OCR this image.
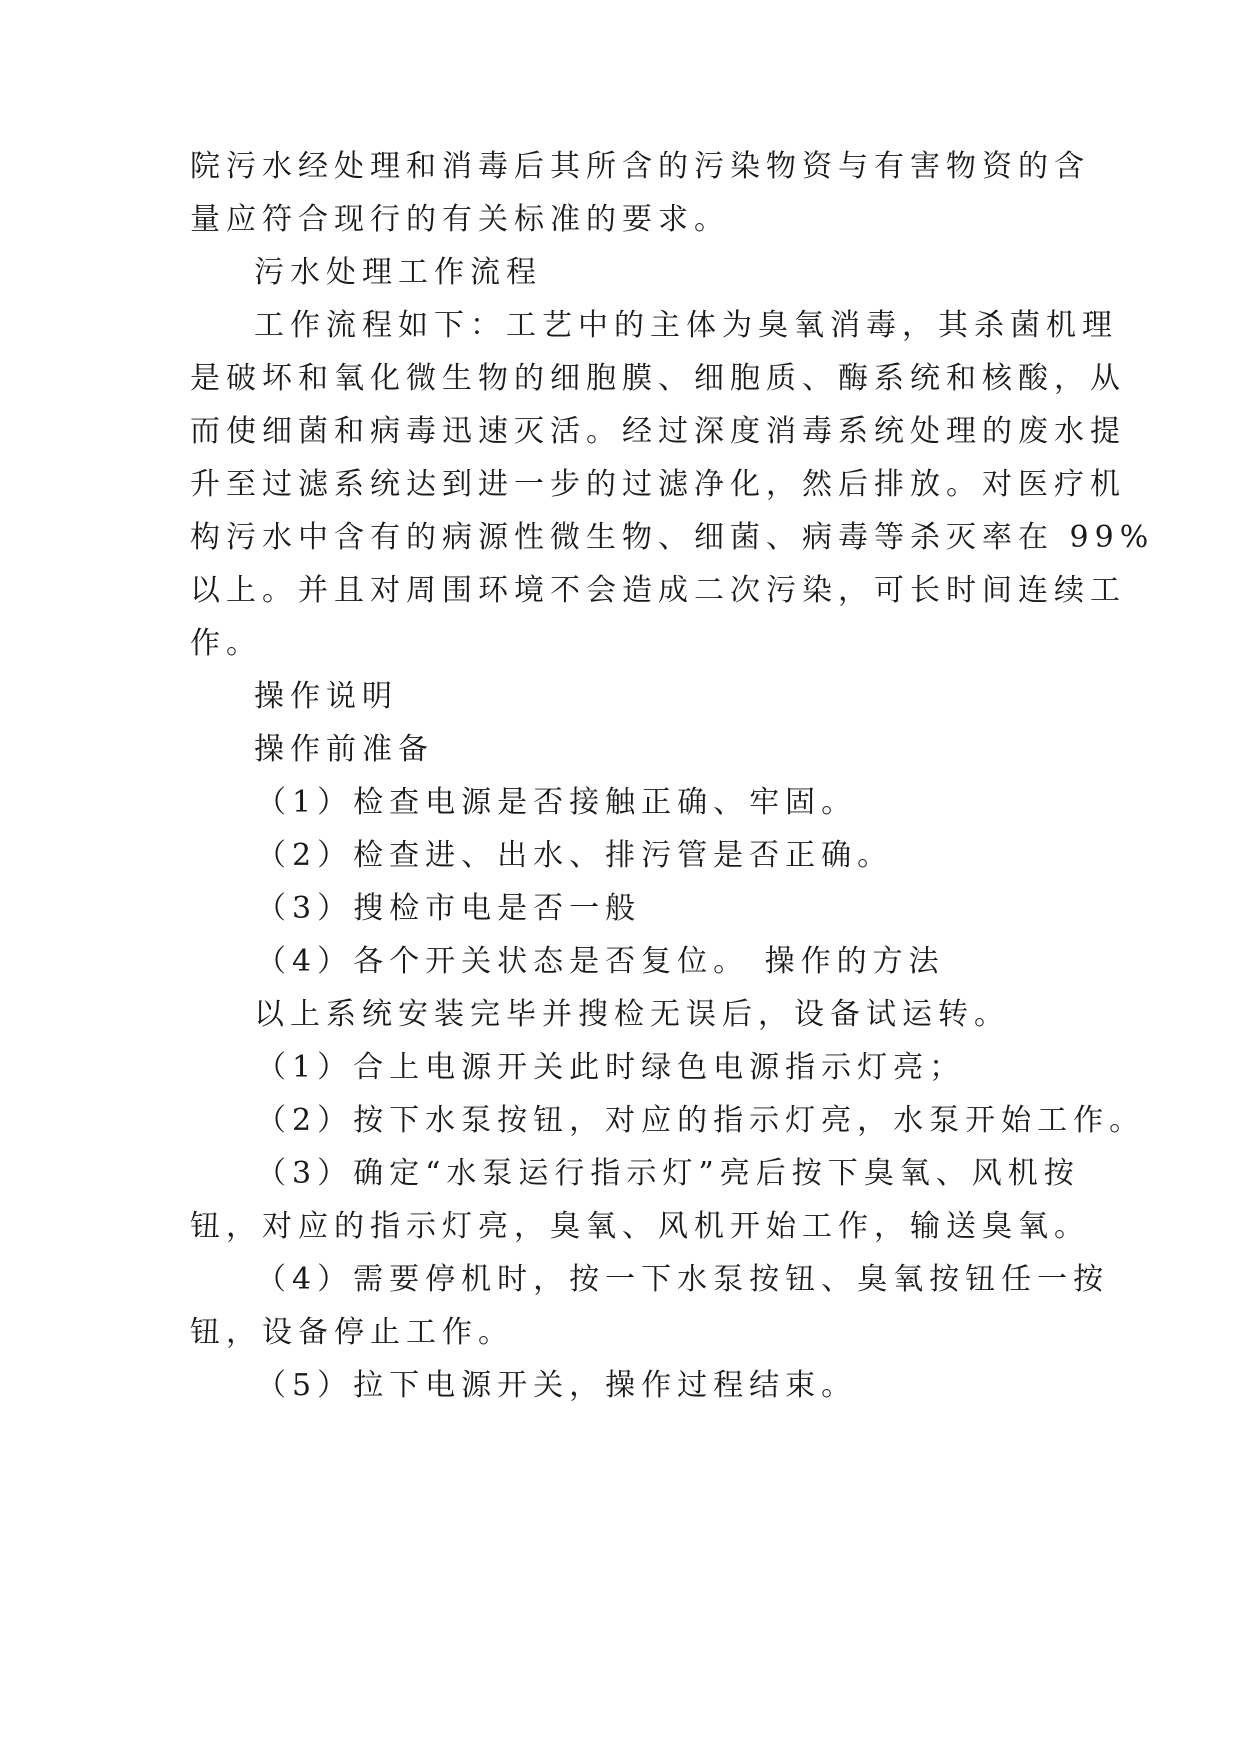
院污水经处理和消毒后其所含的污染物资与有害物资的含
量应符合现行的有关标准的要求。
污水处理工作流程
工作流程如下：工艺中的主体为臭氧消毒，其杀菌机理
是破坏和氧化微生物的细胞膜、细胞质、酶系统和核酸，从
而使细菌和病毒迅速灭活。经过深度消毒系统处理的废水提
升至过滤系统达到进一步的过滤净化，然后排放。对医疗机
构污水中含有的病源性微生物、细菌、病毒等杀灭率在 99%
以上。并且对周围环境不会造成二次污染，可长时间连续工
作。
操作说明
操作前准备
（1）检查电源是否接触正确、牢固。
（2）检查进、出水、排污管是否正确。
（3）搜检市电是否一般
（4）各个开关状态是否复位。 操作的方法
以上系统安装完毕并搜检无误后，设备试运转。
（1）合上电源开关此时绿色电源指示灯亮；
（2）按下水泵按钮，对应的指示灯亮，水泵开始工作。
（3）确定“水泵运行指示灯”亮后按下臭氧、风机按
钮，对应的指示灯亮，臭氧、风机开始工作，输送臭氧。
（4）需要停机时，按一下水泵按钮、臭氧按钮任一按
钮，设备停止工作。
（5）拉下电源开关，操作过程结束。
